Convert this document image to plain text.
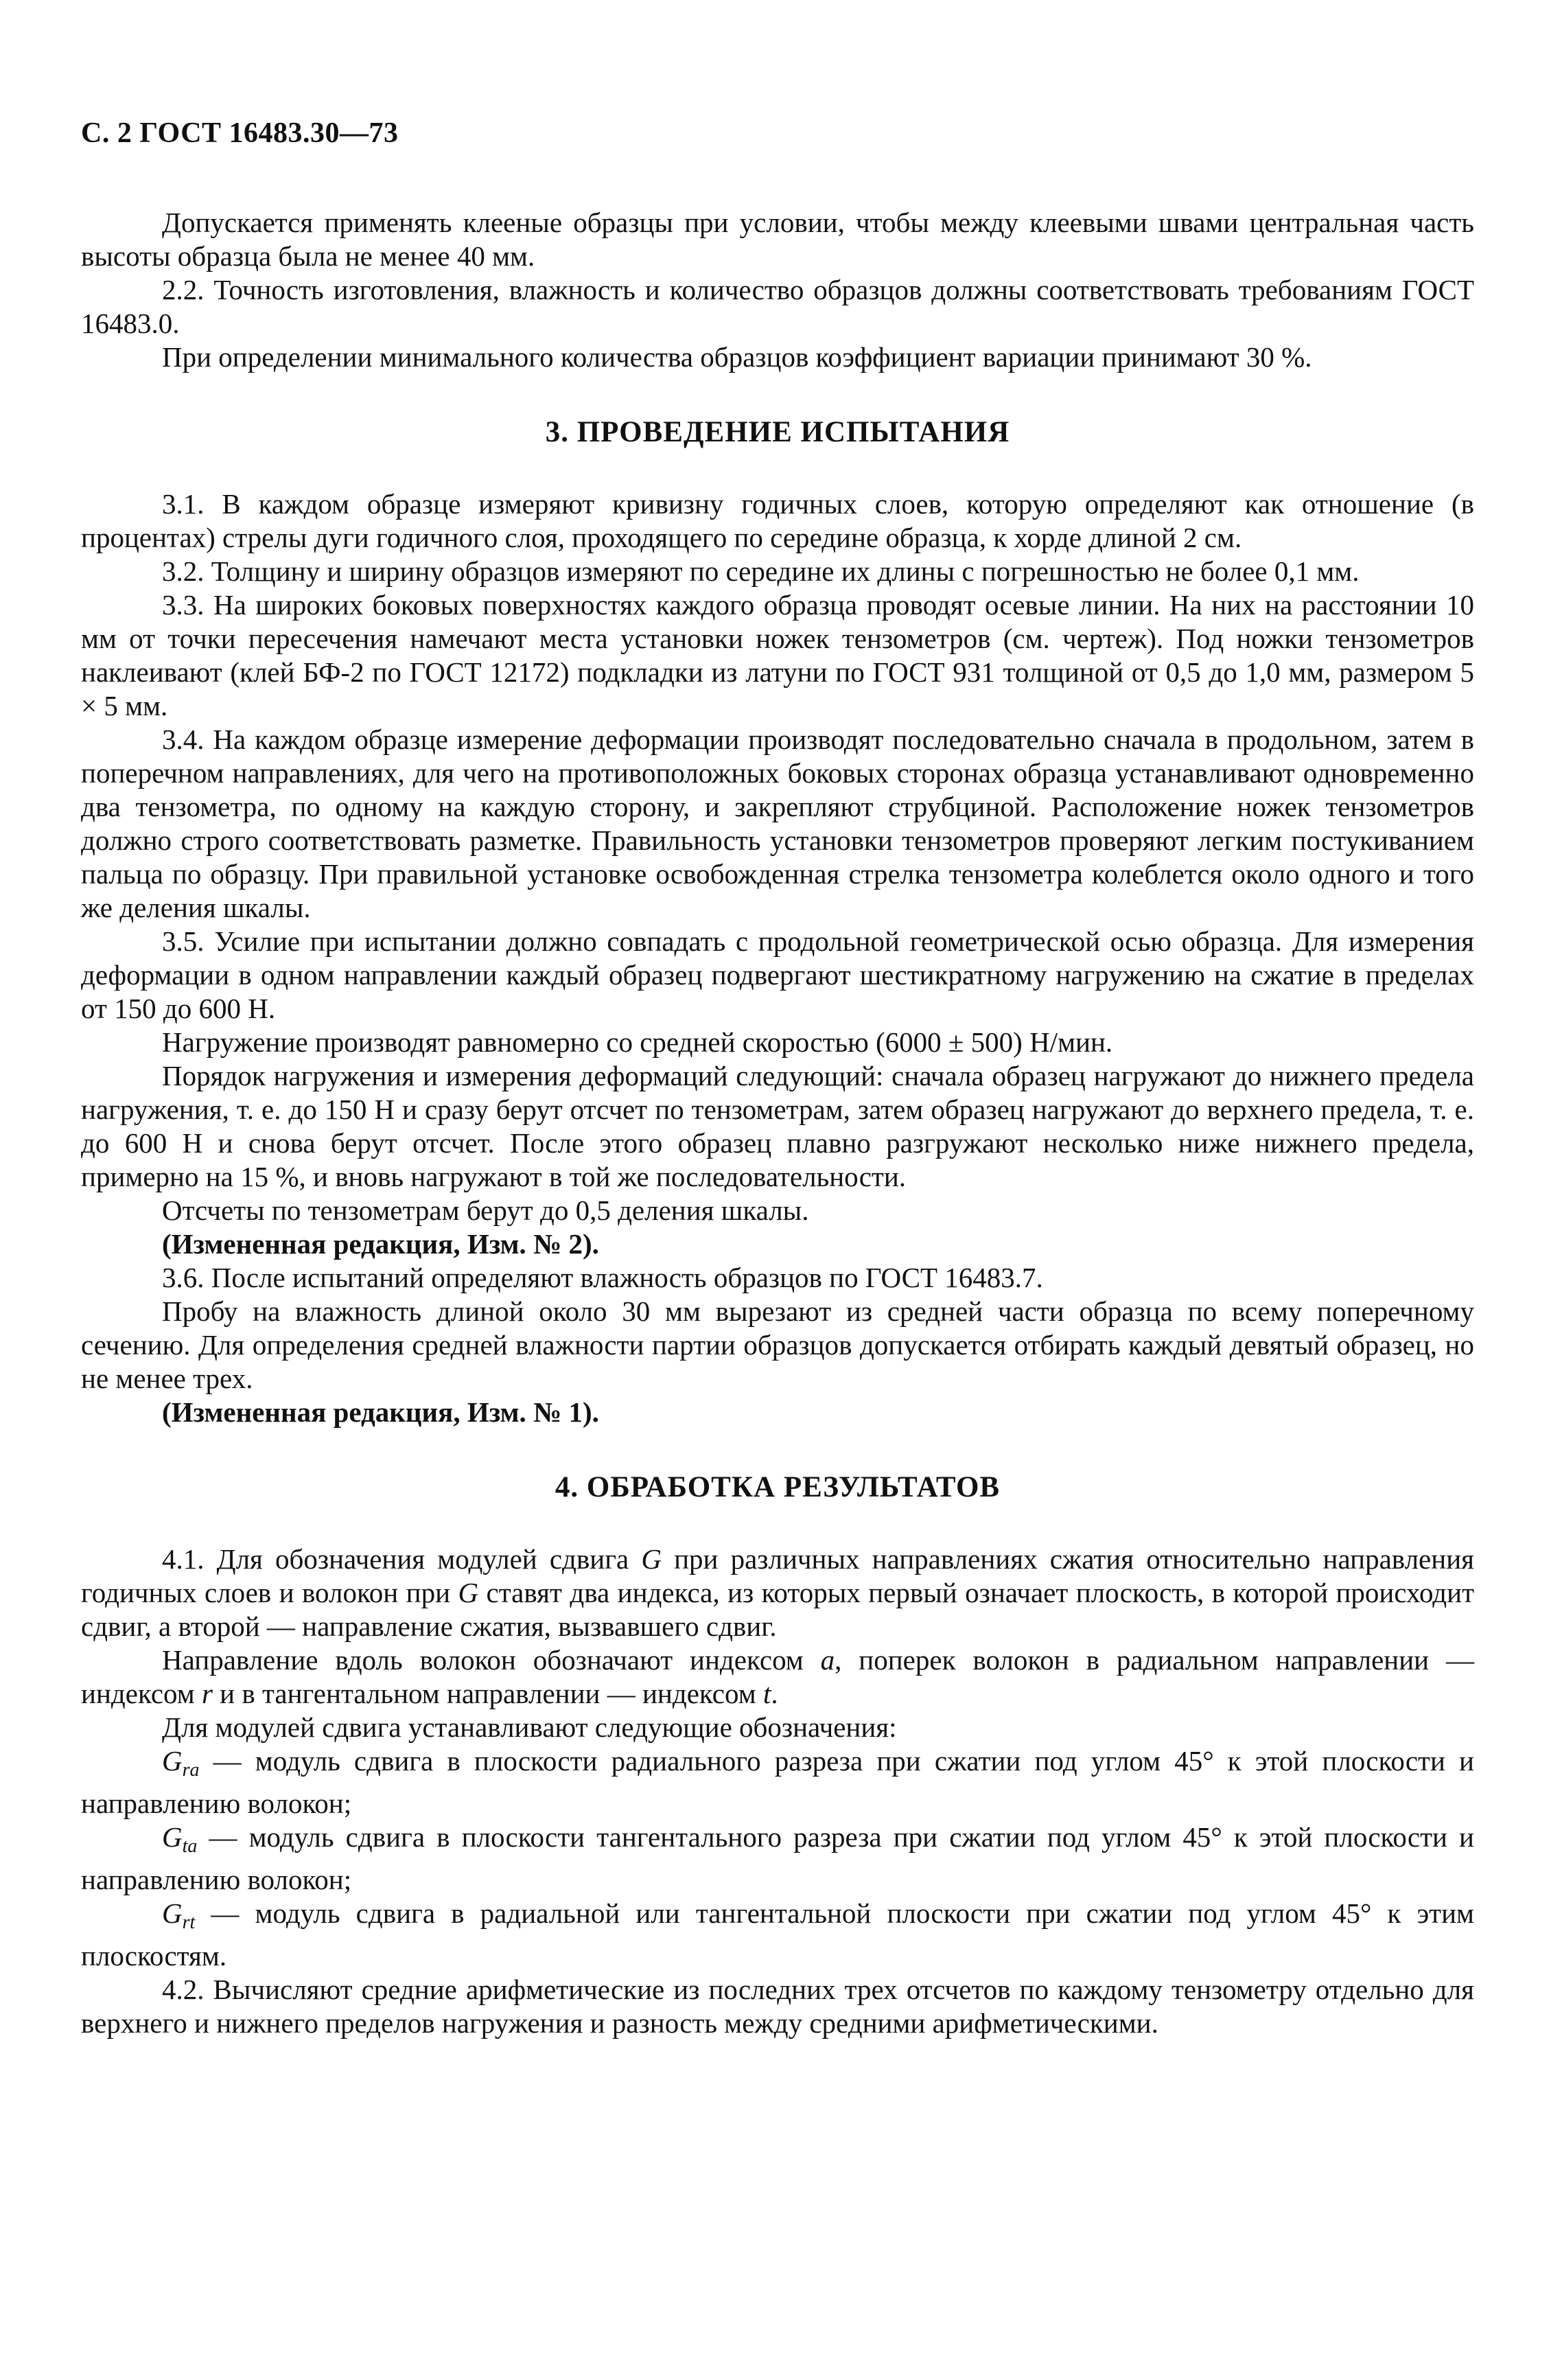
С. 2 ГОСТ 16483.30—73

Допускается применять клееные образцы при условии, чтобы между клеевыми швами центральная часть высоты образца была не менее 40 мм.

2.2. Точность изготовления, влажность и количество образцов должны соответствовать требованиям ГОСТ 16483.0.

При определении минимального количества образцов коэффициент вариации принимают 30 %.

3. ПРОВЕДЕНИЕ ИСПЫТАНИЯ

3.1. В каждом образце измеряют кривизну годичных слоев, которую определяют как отношение (в процентах) стрелы дуги годичного слоя, проходящего по середине образца, к хорде длиной 2 см.

3.2. Толщину и ширину образцов измеряют по середине их длины с погрешностью не более 0,1 мм.

3.3. На широких боковых поверхностях каждого образца проводят осевые линии. На них на расстоянии 10 мм от точки пересечения намечают места установки ножек тензометров (см. чертеж). Под ножки тензометров наклеивают (клей БФ-2 по ГОСТ 12172) подкладки из латуни по ГОСТ 931 толщиной от 0,5 до 1,0 мм, размером 5 × 5 мм.

3.4. На каждом образце измерение деформации производят последовательно сначала в продольном, затем в поперечном направлениях, для чего на противоположных боковых сторонах образца устанавливают одновременно два тензометра, по одному на каждую сторону, и закрепляют струбциной. Расположение ножек тензометров должно строго соответствовать разметке. Правильность установки тензометров проверяют легким постукиванием пальца по образцу. При правильной установке освобожденная стрелка тензометра колеблется около одного и того же деления шкалы.

3.5. Усилие при испытании должно совпадать с продольной геометрической осью образца. Для измерения деформации в одном направлении каждый образец подвергают шестикратному нагружению на сжатие в пределах от 150 до 600 Н.

Нагружение производят равномерно со средней скоростью (6000 ± 500) Н/мин.

Порядок нагружения и измерения деформаций следующий: сначала образец нагружают до нижнего предела нагружения, т. е. до 150 Н и сразу берут отсчет по тензометрам, затем образец нагружают до верхнего предела, т. е. до 600 Н и снова берут отсчет. После этого образец плавно разгружают несколько ниже нижнего предела, примерно на 15 %, и вновь нагружают в той же последовательности.

Отсчеты по тензометрам берут до 0,5 деления шкалы.

(Измененная редакция, Изм. № 2).

3.6. После испытаний определяют влажность образцов по ГОСТ 16483.7.

Пробу на влажность длиной около 30 мм вырезают из средней части образца по всему поперечному сечению. Для определения средней влажности партии образцов допускается отбирать каждый девятый образец, но не менее трех.

(Измененная редакция, Изм. № 1).

4. ОБРАБОТКА РЕЗУЛЬТАТОВ

4.1. Для обозначения модулей сдвига G при различных направлениях сжатия относительно направления годичных слоев и волокон при G ставят два индекса, из которых первый означает плоскость, в которой происходит сдвиг, а второй — направление сжатия, вызвавшего сдвиг.

Направление вдоль волокон обозначают индексом a, поперек волокон в радиальном направлении — индексом r и в тангентальном направлении — индексом t.

Для модулей сдвига устанавливают следующие обозначения:

$G_{ra}$ — модуль сдвига в плоскости радиального разреза при сжатии под углом 45° к этой плоскости и направлению волокон;

$G_{ta}$ — модуль сдвига в плоскости тангентального разреза при сжатии под углом 45° к этой плоскости и направлению волокон;

$G_{rt}$ — модуль сдвига в радиальной или тангентальной плоскости при сжатии под углом 45° к этим плоскостям.

4.2. Вычисляют средние арифметические из последних трех отсчетов по каждому тензометру отдельно для верхнего и нижнего пределов нагружения и разность между средними арифметическими.
